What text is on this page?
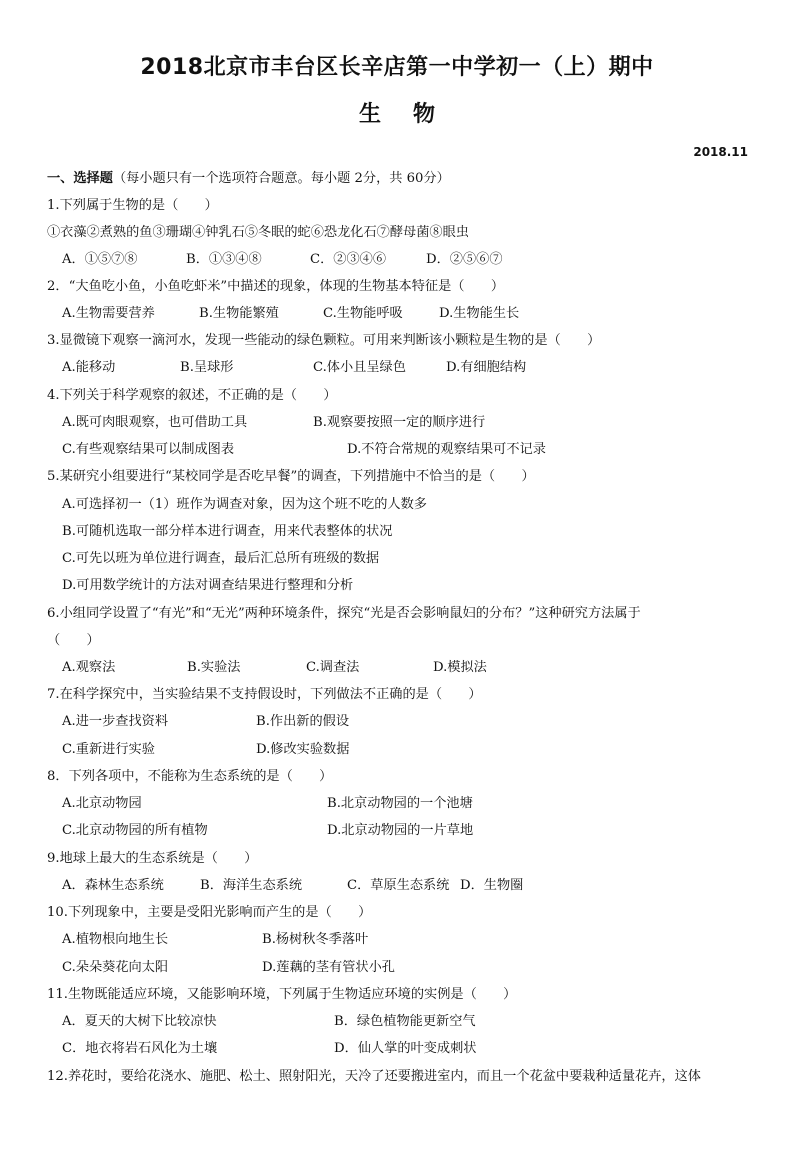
2018北京市丰台区长辛店第一中学初一（上）期中
生物
2018.11
一、选择题（每小题只有一个选项符合题意。每小题 2分，共 60分）
1.下列属于生物的是（　　）
①衣藻②煮熟的鱼③珊瑚④钟乳石⑤冬眠的蛇⑥恐龙化石⑦酵母菌⑧眼虫
A．①⑤⑦⑧	B．①③④⑧	C．②③④⑥	D．②⑤⑥⑦
2．“大鱼吃小鱼，小鱼吃虾米”中描述的现象，体现的生物基本特征是（　　）
A.生物需要营养	B.生物能繁殖	C.生物能呼吸	D.生物能生长
3.显微镜下观察一滴河水，发现一些能动的绿色颗粒。可用来判断该小颗粒是生物的是（　　）
A.能移动	B.呈球形	C.体小且呈绿色	D.有细胞结构
4.下列关于科学观察的叙述，不正确的是（　　）
A.既可肉眼观察，也可借助工具	B.观察要按照一定的顺序进行
C.有些观察结果可以制成图表	D.不符合常规的观察结果可不记录
5.某研究小组要进行“某校同学是否吃早餐”的调查，下列措施中不恰当的是（　　）
A.可选择初一（1）班作为调查对象，因为这个班不吃的人数多
B.可随机选取一部分样本进行调查，用来代表整体的状况
C.可先以班为单位进行调查，最后汇总所有班级的数据
D.可用数学统计的方法对调查结果进行整理和分析
6.小组同学设置了“有光”和“无光”两种环境条件，探究“光是否会影响鼠妇的分布？”这种研究方法属于
（　　）
A.观察法	B.实验法	C.调查法	D.模拟法
7.在科学探究中，当实验结果不支持假设时，下列做法不正确的是（　　）
A.进一步查找资料	B.作出新的假设
C.重新进行实验	D.修改实验数据
8．下列各项中，不能称为生态系统的是（　　）
A.北京动物园	B.北京动物园的一个池塘
C.北京动物园的所有植物	D.北京动物园的一片草地
9.地球上最大的生态系统是（　　）
A．森林生态系统	B．海洋生态系统	C．草原生态系统 D．生物圈
10.下列现象中，主要是受阳光影响而产生的是（　　）
A.植物根向地生长	B.杨树秋冬季落叶
C.朵朵葵花向太阳	D.莲藕的茎有管状小孔
11.生物既能适应环境，又能影响环境，下列属于生物适应环境的实例是（　　）
A．夏天的大树下比较凉快	B．绿色植物能更新空气
C．地衣将岩石风化为土壤	D．仙人掌的叶变成刺状
12.养花时，要给花浇水、施肥、松土、照射阳光，天冷了还要搬进室内，而且一个花盆中要栽种适量花卉，这体
